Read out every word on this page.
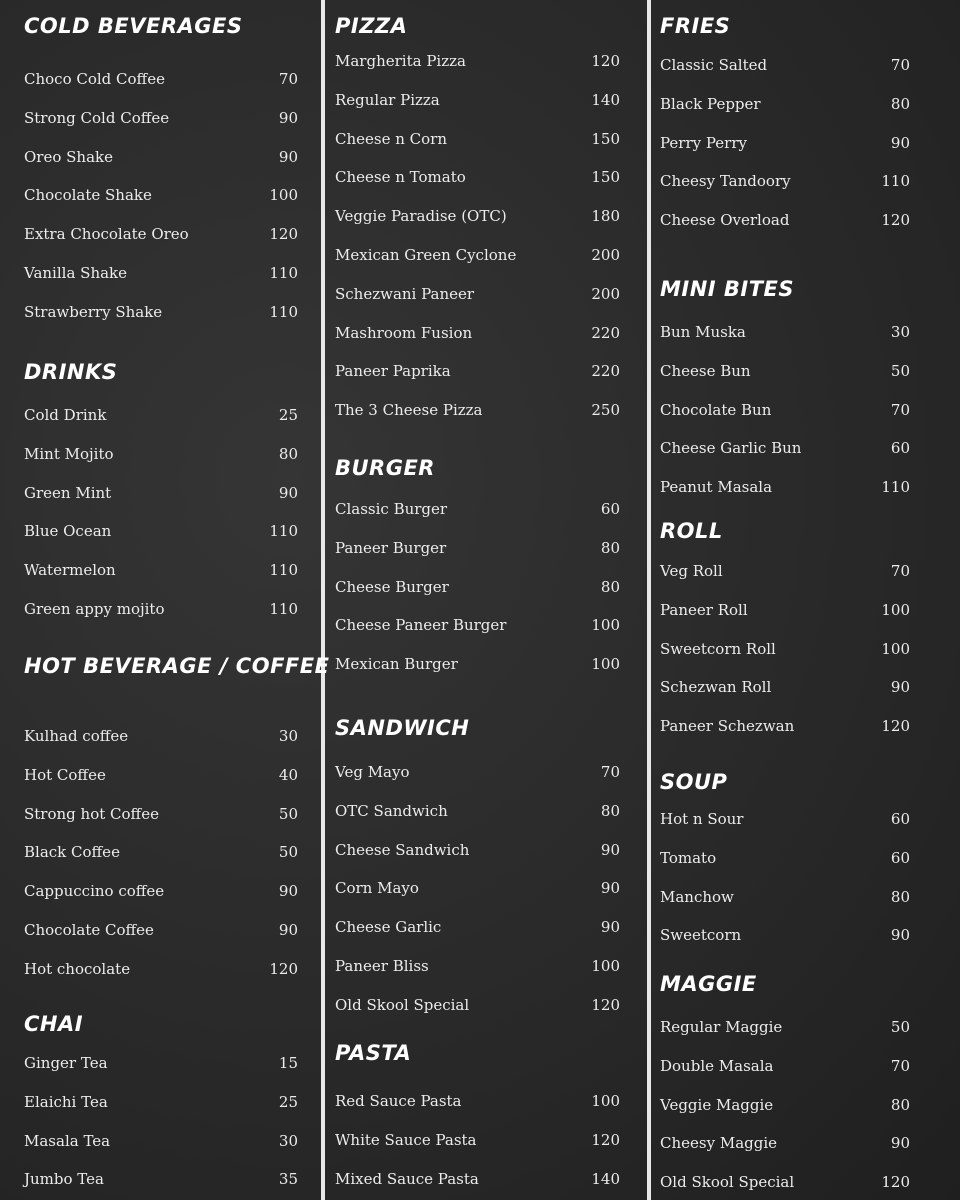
COLD BEVERAGES
Choco Cold Coffee	70
Strong Cold Coffee	90
Oreo Shake	90
Chocolate Shake	100
Extra Chocolate Oreo	120
Vanilla Shake	110
Strawberry Shake	110
DRINKS
Cold Drink	25
Mint Mojito	80
Green Mint	90
Blue Ocean	110
Watermelon	110
Green appy mojito	110
HOT BEVERAGE / COFFEE
Kulhad coffee	30
Hot Coffee	40
Strong hot Coffee	50
Black Coffee	50
Cappuccino coffee	90
Chocolate Coffee	90
Hot chocolate	120
CHAI
Ginger Tea	15
Elaichi Tea	25
Masala Tea	30
Jumbo Tea	35
PIZZA
Margherita Pizza	120
Regular Pizza	140
Cheese n Corn	150
Cheese n Tomato	150
Veggie Paradise (OTC)	180
Mexican Green Cyclone	200
Schezwani Paneer	200
Mashroom Fusion	220
Paneer Paprika	220
The 3 Cheese Pizza	250
BURGER
Classic Burger	60
Paneer Burger	80
Cheese Burger	80
Cheese Paneer Burger	100
Mexican Burger	100
SANDWICH
Veg Mayo	70
OTC Sandwich	80
Cheese Sandwich	90
Corn Mayo	90
Cheese Garlic	90
Paneer Bliss	100
Old Skool Special	120
PASTA
Red Sauce Pasta	100
White Sauce Pasta	120
Mixed Sauce Pasta	140
FRIES
Classic Salted	70
Black Pepper	80
Perry Perry	90
Cheesy Tandoory	110
Cheese Overload	120
MINI BITES
Bun Muska	30
Cheese Bun	50
Chocolate Bun	70
Cheese Garlic Bun	60
Peanut Masala	110
ROLL
Veg Roll	70
Paneer Roll	100
Sweetcorn Roll	100
Schezwan Roll	90
Paneer Schezwan	120
SOUP
Hot n Sour	60
Tomato	60
Manchow	80
Sweetcorn	90
MAGGIE
Regular Maggie	50
Double Masala	70
Veggie Maggie	80
Cheesy Maggie	90
Old Skool Special	120
